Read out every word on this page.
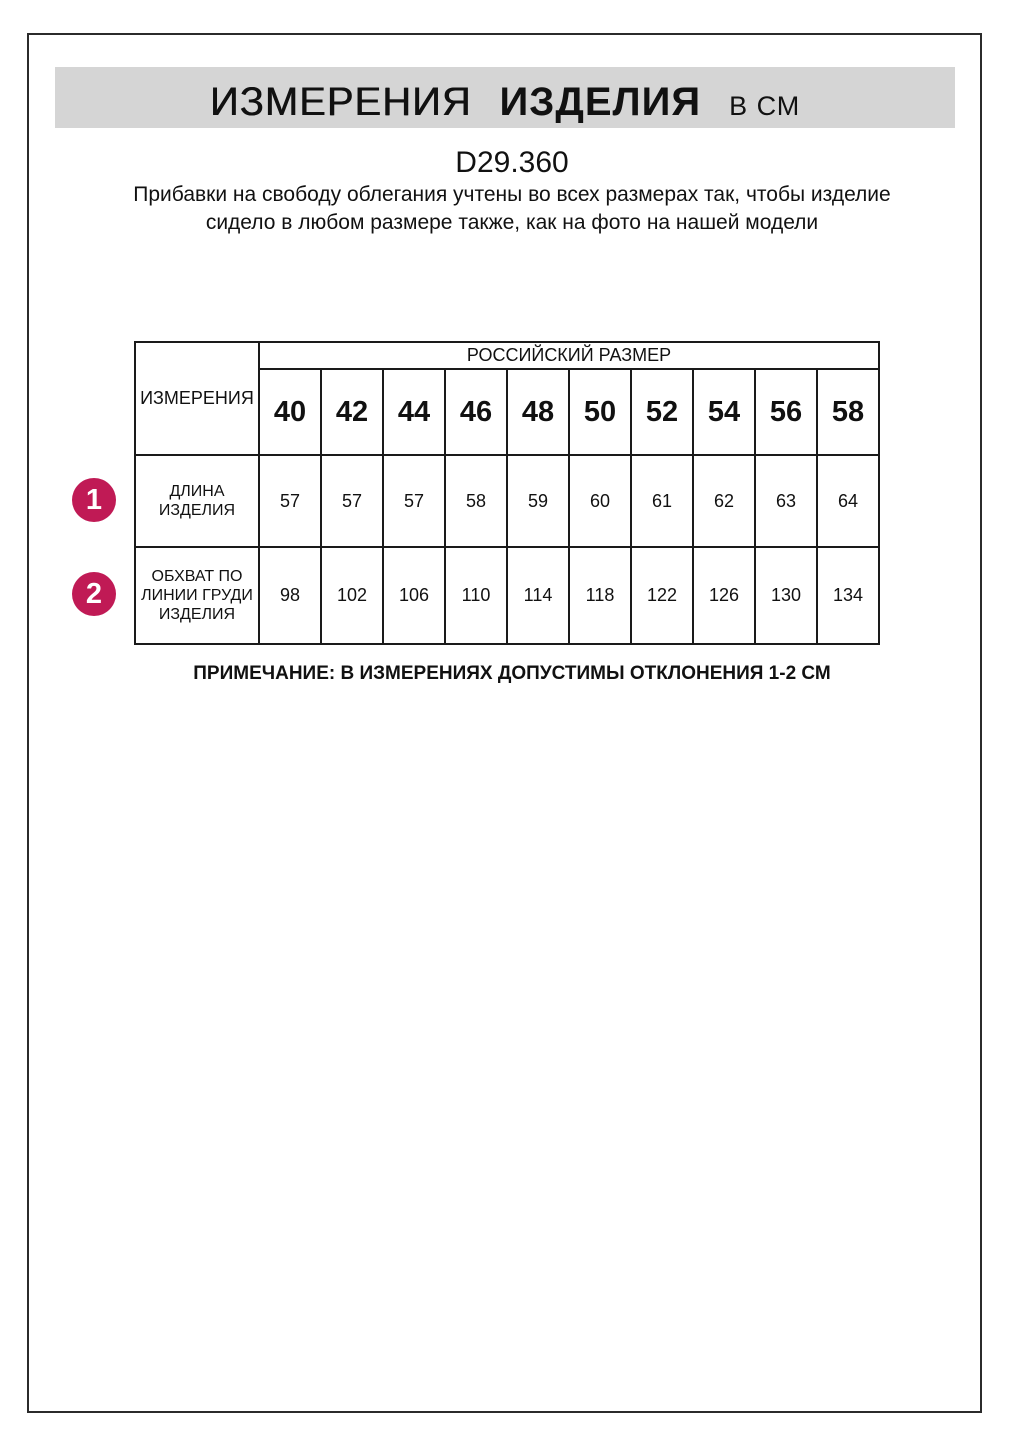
ИЗМЕРЕНИЯ ИЗДЕЛИЯ В СМ
D29.360
Прибавки на свободу облегания учтены во всех размерах так, чтобы изделие сидело в любом размере также, как на фото на нашей модели
ИЗМЕРЕНИЯ	РОССИЙСКИЙ РАЗМЕР									
	40	42	44	46	48	50	52	54	56	58
ДЛИНА ИЗДЕЛИЯ	57	57	57	58	59	60	61	62	63	64
ОБХВАТ ПО ЛИНИИ ГРУДИ ИЗДЕЛИЯ	98	102	106	110	114	118	122	126	130	134
1
2
ПРИМЕЧАНИЕ: В ИЗМЕРЕНИЯХ ДОПУСТИМЫ ОТКЛОНЕНИЯ 1-2 СМ
